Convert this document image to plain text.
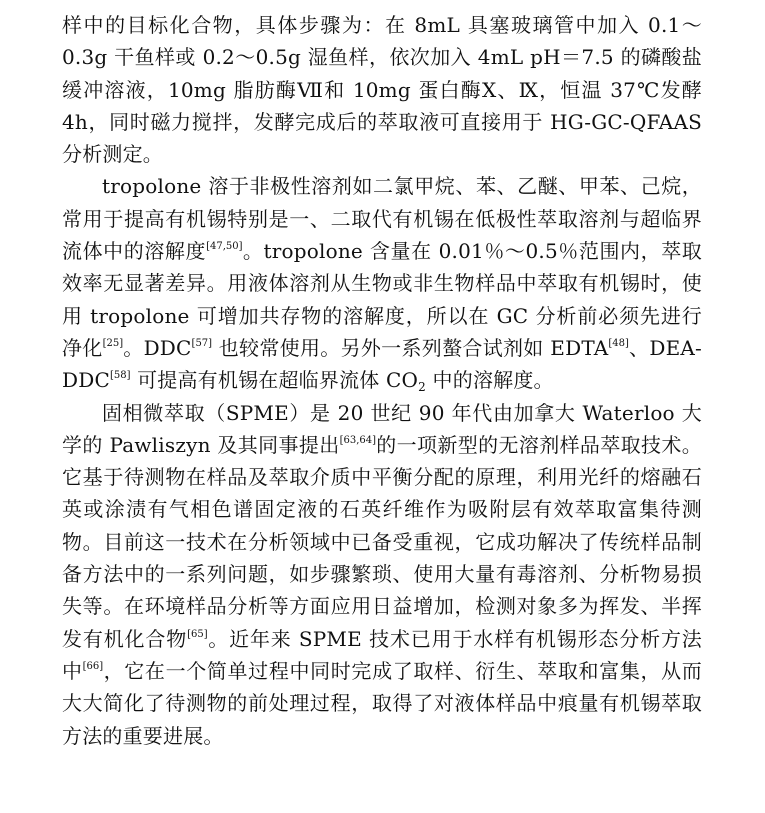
样中的目标化合物，具体步骤为：在 8mL 具塞玻璃管中加入 0.1～0.3g 干鱼样或 0.2～0.5g 湿鱼样，依次加入 4mL pH＝7.5 的磷酸盐缓冲溶液，10mg 脂肪酶Ⅶ和 10mg 蛋白酶Ⅹ、Ⅸ，恒温 37℃发酵 4h，同时磁力搅拌，发酵完成后的萃取液可直接用于 HG-GC-QFAAS 分析测定。

tropolone 溶于非极性溶剂如二氯甲烷、苯、乙醚、甲苯、己烷，常用于提高有机锡特别是一、二取代有机锡在低极性萃取溶剂与超临界流体中的溶解度[47,50]。tropolone 含量在 0.01％～0.5％范围内，萃取效率无显著差异。用液体溶剂从生物或非生物样品中萃取有机锡时，使用 tropolone 可增加共存物的溶解度，所以在 GC 分析前必须先进行净化[25]。DDC[57] 也较常使用。另外一系列螯合试剂如 EDTA[48]、DEA-DDC[58] 可提高有机锡在超临界流体 $CO_2$ 中的溶解度。

固相微萃取（SPME）是 20 世纪 90 年代由加拿大 Waterloo 大学的 Pawliszyn 及其同事提出[63,64]的一项新型的无溶剂样品萃取技术。它基于待测物在样品及萃取介质中平衡分配的原理，利用光纤的熔融石英或涂渍有气相色谱固定液的石英纤维作为吸附层有效萃取富集待测物。目前这一技术在分析领域中已备受重视，它成功解决了传统样品制备方法中的一系列问题，如步骤繁琐、使用大量有毒溶剂、分析物易损失等。在环境样品分析等方面应用日益增加，检测对象多为挥发、半挥发有机化合物[65]。近年来 SPME 技术已用于水样有机锡形态分析方法中[66]，它在一个简单过程中同时完成了取样、衍生、萃取和富集，从而大大简化了待测物的前处理过程，取得了对液体样品中痕量有机锡萃取方法的重要进展。
